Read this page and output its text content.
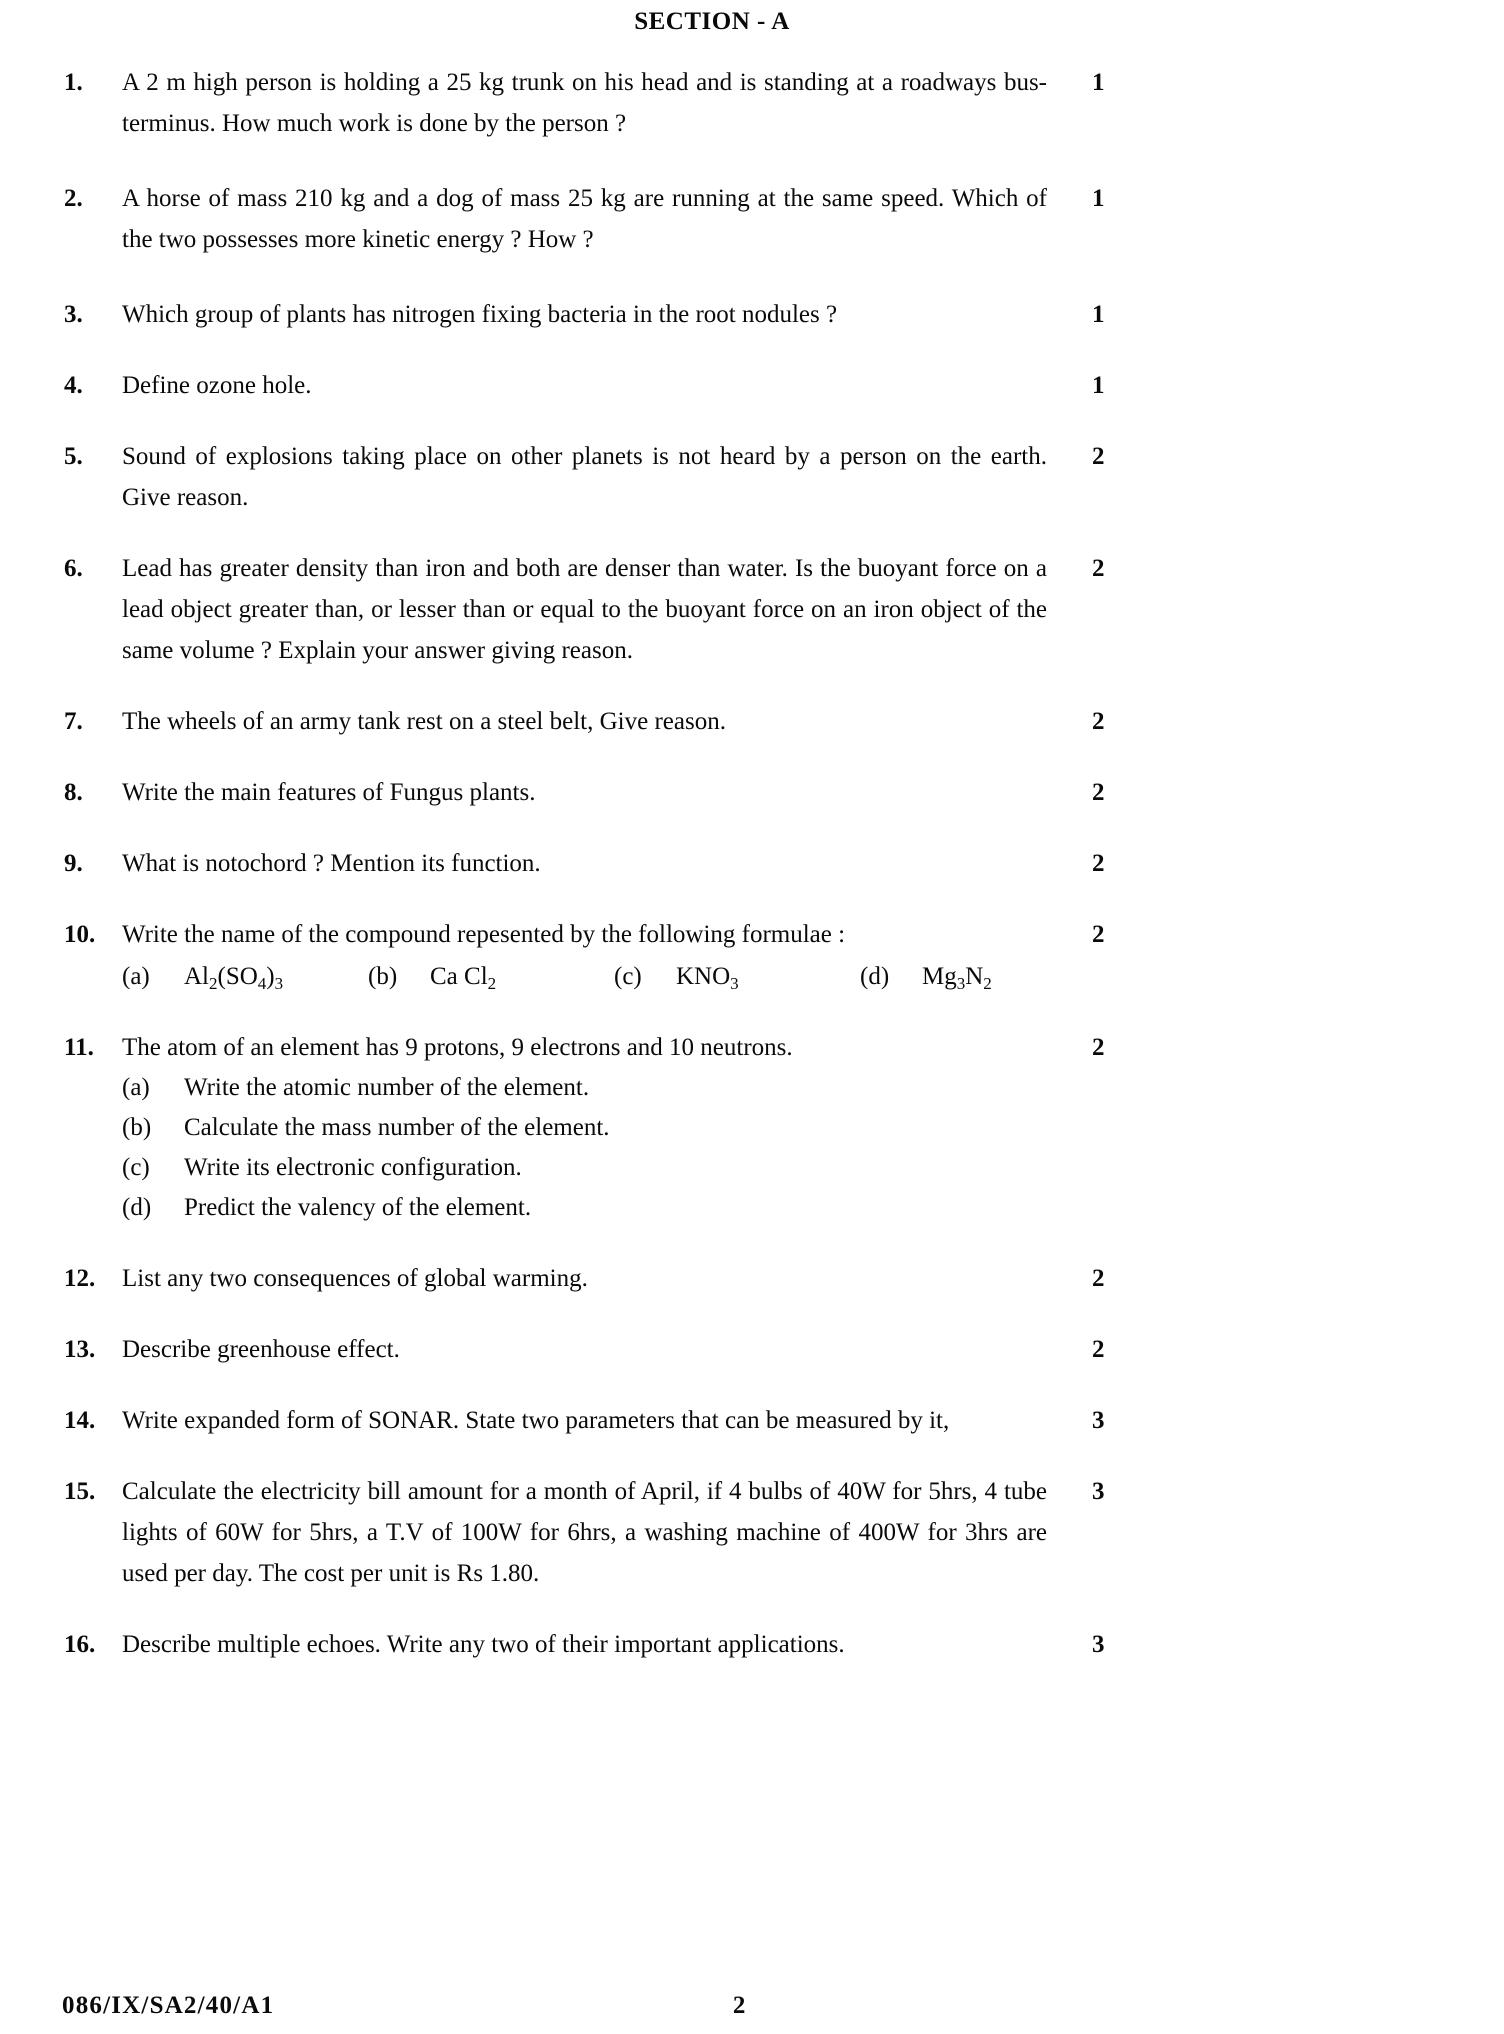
SECTION - A
1.	A 2 m high person is holding a 25 kg trunk on his head and is standing at a roadways bus- terminus. How much work is done by the person ?
1
2.	A horse of mass 210 kg and a dog of mass 25 kg are running at the same speed. Which of the two possesses more kinetic energy ? How ?
1
3.	Which group of plants has nitrogen fixing bacteria in the root nodules ?	1
4.	Define ozone hole.	1
5.	Sound of explosions taking place on other planets is not heard by a person on the earth. Give reason.
2
6.	Lead has greater density than iron and both are denser than water. Is the buoyant force on a lead object greater than, or lesser than or equal to the buoyant force on an iron object of the same volume ? Explain your answer giving reason.
2
7.	The wheels of an army tank rest on a steel belt, Give reason.	2
8.	Write the main features of Fungus plants.	2
9.	What is notochord ? Mention its function.	2
10.	Write the name of the compound repesented by the following formulae :
(a)	$Al_2(SO_4)_3$	(b)	Ca $Cl_2$	(c)	$KNO_3$	(d)	$Mg_3N_2$
2
11.	The atom of an element has 9 protons, 9 electrons and 10 neutrons.
(a)	Write the atomic number of the element.
(b)	Calculate the mass number of the element.
(c)	Write its electronic configuration.
(d)	Predict the valency of the element.
2
12.	List any two consequences of global warming.	2
13.	Describe greenhouse effect.	2
14.	Write expanded form of SONAR. State two parameters that can be measured by it,	3
15.	Calculate the electricity bill amount for a month of April, if 4 bulbs of 40W for 5hrs, 4 tube lights of 60W for 5hrs, a T.V of 100W for 6hrs, a washing machine of 400W for 3hrs are used per day. The cost per unit is Rs 1.80.
3
16.	Describe multiple echoes. Write any two of their important applications.	3
086/IX/SA2/40/A1	2
